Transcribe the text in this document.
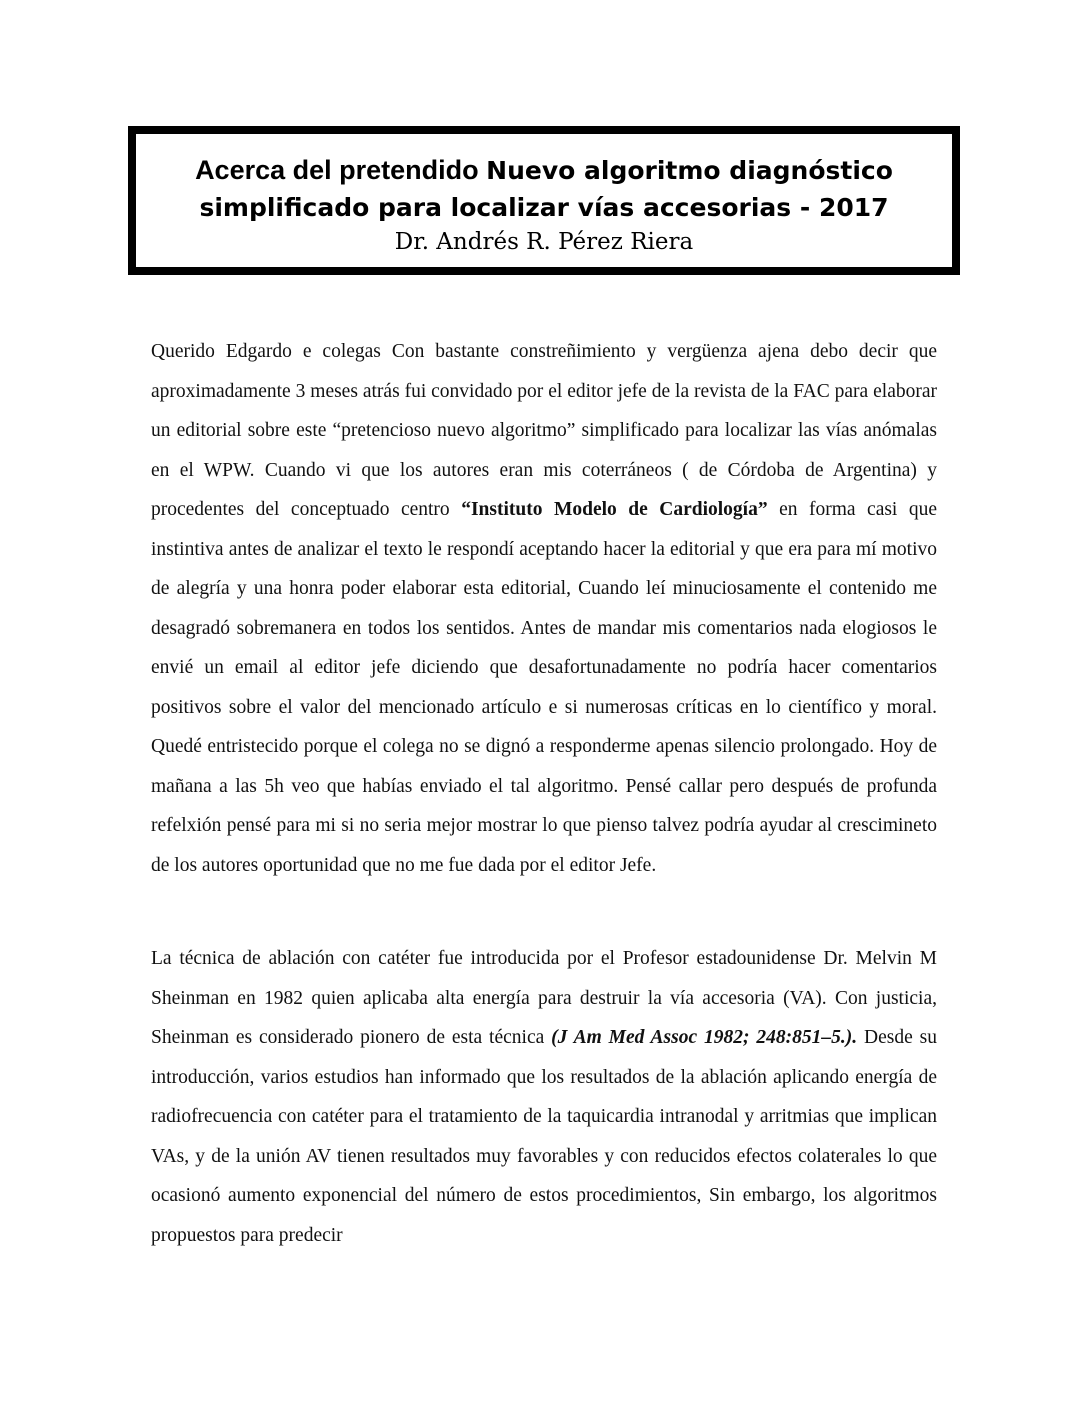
Acerca del pretendido Nuevo algoritmo diagnóstico
simplificado para localizar vías accesorias - 2017
Dr. Andrés R. Pérez Riera
Querido Edgardo e colegas Con bastante constreñimiento y vergüenza ajena debo decir que aproximadamente 3 meses atrás fui convidado por el editor jefe de la revista de la FAC para elaborar un editorial sobre este “pretencioso nuevo algoritmo” simplificado para localizar las vías anómalas en el WPW. Cuando vi que los autores eran mis coterráneos ( de Córdoba de Argentina) y procedentes del conceptuado centro “Instituto Modelo de Cardiología” en forma casi que instintiva antes de analizar el texto le respondí aceptando hacer la editorial y que era para mí motivo de alegría y una honra poder elaborar esta editorial, Cuando leí minuciosamente el contenido me desagradó sobremanera en todos los sentidos. Antes de mandar mis comentarios nada elogiosos le envié un email al editor jefe diciendo que desafortunadamente no podría hacer comentarios positivos sobre el valor del mencionado artículo e si numerosas críticas en lo científico y moral. Quedé entristecido porque el colega no se dignó a responderme apenas silencio prolongado. Hoy de mañana a las 5h veo que habías enviado el tal algoritmo. Pensé callar pero después de profunda refelxión pensé para mi si no seria mejor mostrar lo que pienso talvez podría ayudar al crescimineto de los autores oportunidad que no me fue dada por el editor Jefe.
La técnica de ablación con catéter fue introducida por el Profesor estadounidense Dr. Melvin M Sheinman en 1982 quien aplicaba alta energía para destruir la vía accesoria (VA). Con justicia, Sheinman es considerado pionero de esta técnica (J Am Med Assoc 1982; 248:851–5.). Desde su introducción, varios estudios han informado que los resultados de la ablación aplicando energía de radiofrecuencia con catéter para el tratamiento de la taquicardia intranodal y arritmias que implican VAs, y de la unión AV tienen resultados muy favorables y con reducidos efectos colaterales lo que ocasionó aumento exponencial del número de estos procedimientos, Sin embargo, los algoritmos propuestos para predecir
